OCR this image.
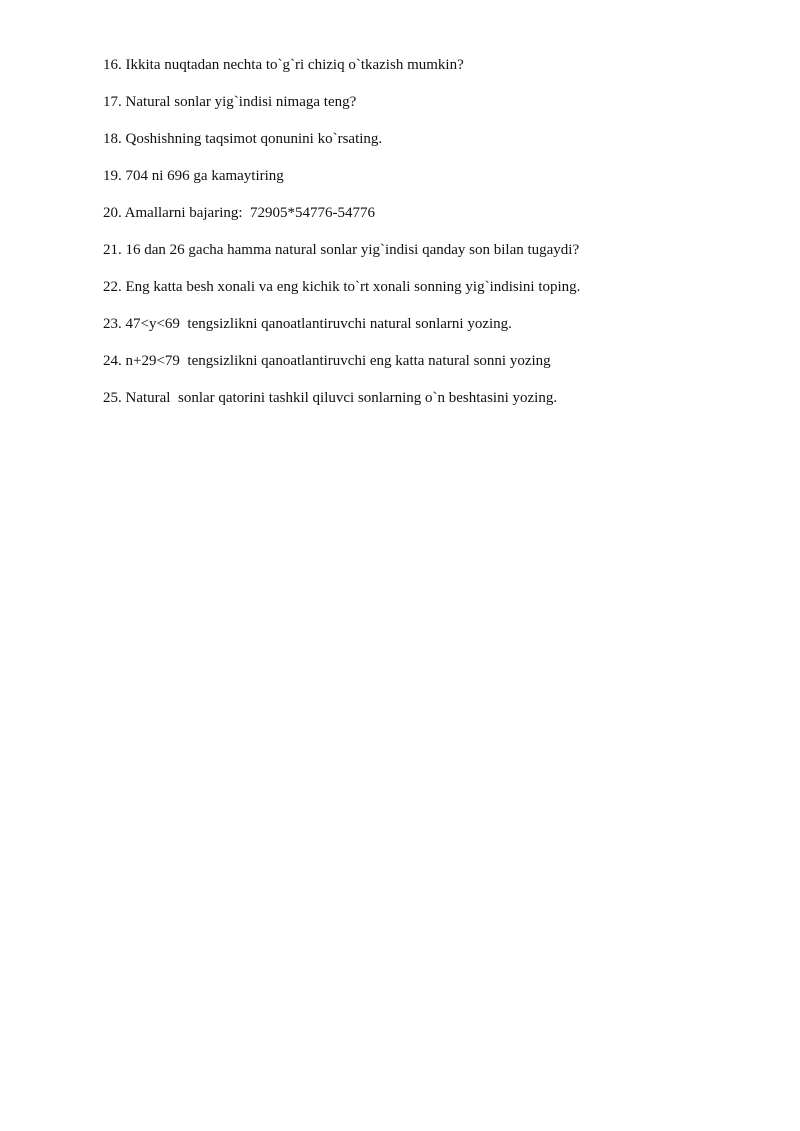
16. Ikkita nuqtadan nechta to`g`ri chiziq o`tkazish mumkin?
17. Natural sonlar yig`indisi nimaga teng?
18. Qoshishning taqsimot qonunini ko`rsating.
19. 704 ni 696 ga kamaytiring
20. Amallarni bajaring:  72905*54776-54776
21. 16 dan 26 gacha hamma natural sonlar yig`indisi qanday son bilan tugaydi?
22. Eng katta besh xonali va eng kichik to`rt xonali sonning yig`indisini toping.
23. 47<y<69  tengsizlikni qanoatlantiruvchi natural sonlarni yozing.
24. n+29<79  tengsizlikni qanoatlantiruvchi eng katta natural sonni yozing
25. Natural  sonlar qatorini tashkil qiluvci sonlarning o`n beshtasini yozing.
